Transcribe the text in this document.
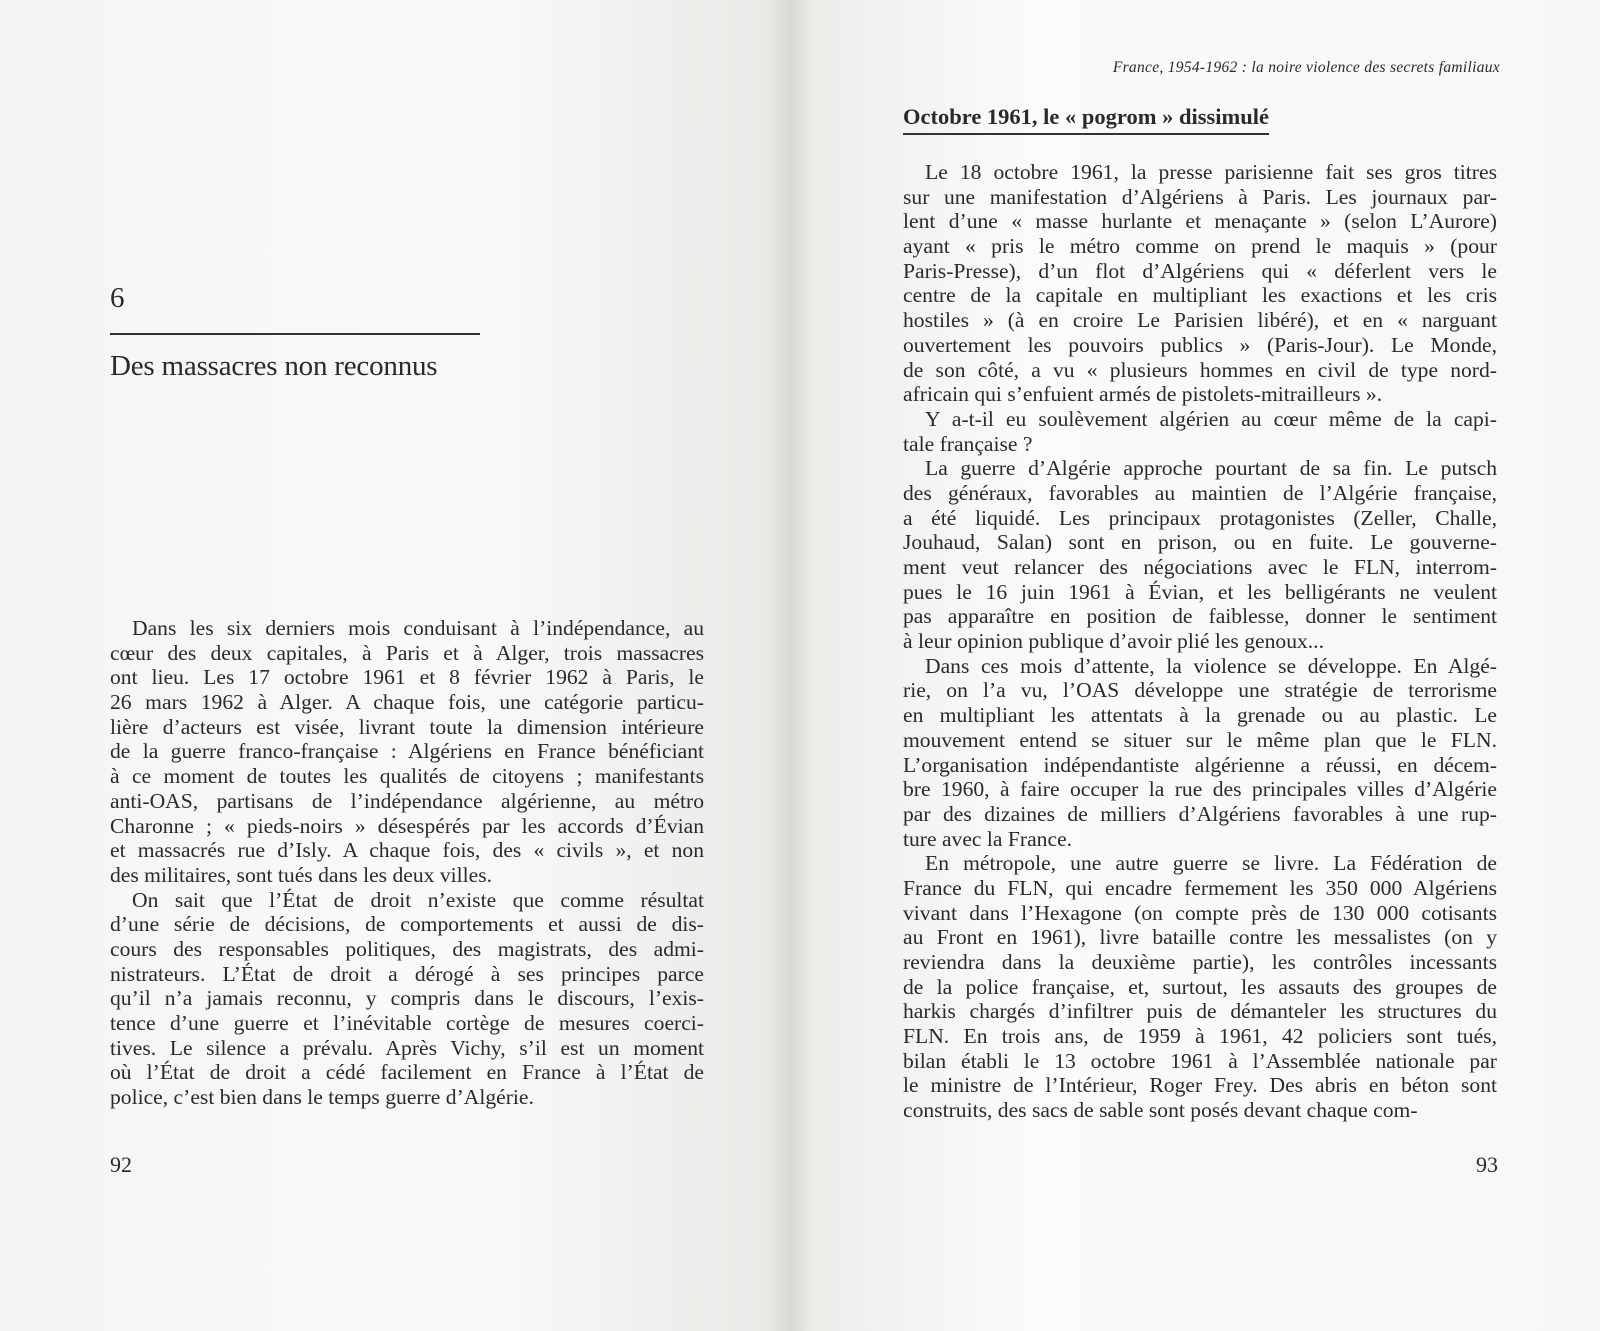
6
Des massacres non reconnus
Dans les six derniers mois conduisant à l’indépendance, au
cœur des deux capitales, à Paris et à Alger, trois massacres
ont lieu. Les 17 octobre 1961 et 8 février 1962 à Paris, le
26 mars 1962 à Alger. A chaque fois, une catégorie particu-
lière d’acteurs est visée, livrant toute la dimension intérieure
de la guerre franco-française : Algériens en France bénéficiant
à ce moment de toutes les qualités de citoyens ; manifestants
anti-OAS, partisans de l’indépendance algérienne, au métro
Charonne ; « pieds-noirs » désespérés par les accords d’Évian
et massacrés rue d’Isly. A chaque fois, des « civils », et non
des militaires, sont tués dans les deux villes.
On sait que l’État de droit n’existe que comme résultat
d’une série de décisions, de comportements et aussi de dis-
cours des responsables politiques, des magistrats, des admi-
nistrateurs. L’État de droit a dérogé à ses principes parce
qu’il n’a jamais reconnu, y compris dans le discours, l’exis-
tence d’une guerre et l’inévitable cortège de mesures coerci-
tives. Le silence a prévalu. Après Vichy, s’il est un moment
où l’État de droit a cédé facilement en France à l’État de
police, c’est bien dans le temps guerre d’Algérie.
92
France, 1954-1962 : la noire violence des secrets familiaux
Octobre 1961, le « pogrom » dissimulé
Le 18 octobre 1961, la presse parisienne fait ses gros titres
sur une manifestation d’Algériens à Paris. Les journaux par-
lent d’une « masse hurlante et menaçante » (selon L’Aurore)
ayant « pris le métro comme on prend le maquis » (pour
Paris-Presse), d’un flot d’Algériens qui « déferlent vers le
centre de la capitale en multipliant les exactions et les cris
hostiles » (à en croire Le Parisien libéré), et en « narguant
ouvertement les pouvoirs publics » (Paris-Jour). Le Monde,
de son côté, a vu « plusieurs hommes en civil de type nord-
africain qui s’enfuient armés de pistolets-mitrailleurs ».
Y a-t-il eu soulèvement algérien au cœur même de la capi-
tale française ?
La guerre d’Algérie approche pourtant de sa fin. Le putsch
des généraux, favorables au maintien de l’Algérie française,
a été liquidé. Les principaux protagonistes (Zeller, Challe,
Jouhaud, Salan) sont en prison, ou en fuite. Le gouverne-
ment veut relancer des négociations avec le FLN, interrom-
pues le 16 juin 1961 à Évian, et les belligérants ne veulent
pas apparaître en position de faiblesse, donner le sentiment
à leur opinion publique d’avoir plié les genoux...
Dans ces mois d’attente, la violence se développe. En Algé-
rie, on l’a vu, l’OAS développe une stratégie de terrorisme
en multipliant les attentats à la grenade ou au plastic. Le
mouvement entend se situer sur le même plan que le FLN.
L’organisation indépendantiste algérienne a réussi, en décem-
bre 1960, à faire occuper la rue des principales villes d’Algérie
par des dizaines de milliers d’Algériens favorables à une rup-
ture avec la France.
En métropole, une autre guerre se livre. La Fédération de
France du FLN, qui encadre fermement les 350 000 Algériens
vivant dans l’Hexagone (on compte près de 130 000 cotisants
au Front en 1961), livre bataille contre les messalistes (on y
reviendra dans la deuxième partie), les contrôles incessants
de la police française, et, surtout, les assauts des groupes de
harkis chargés d’infiltrer puis de démanteler les structures du
FLN. En trois ans, de 1959 à 1961, 42 policiers sont tués,
bilan établi le 13 octobre 1961 à l’Assemblée nationale par
le ministre de l’Intérieur, Roger Frey. Des abris en béton sont
construits, des sacs de sable sont posés devant chaque com-
93
